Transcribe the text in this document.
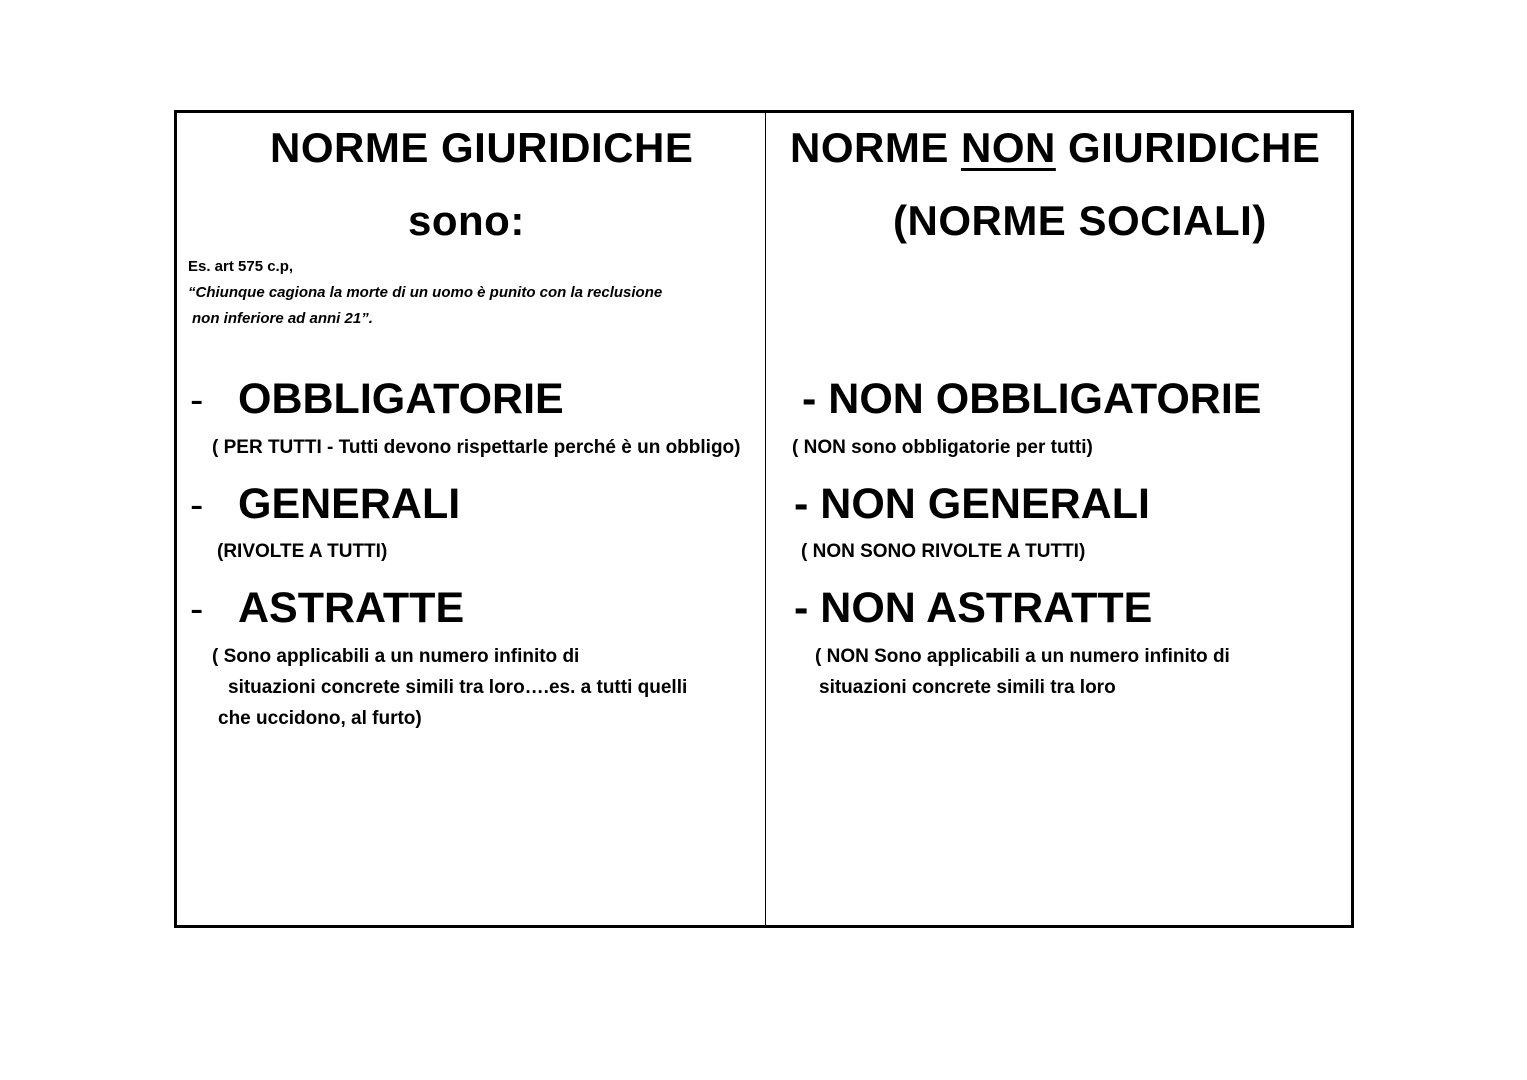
NORME GIURIDICHE
sono:
Es. art 575 c.p,
“Chiunque cagiona la morte di un uomo è punito con la reclusione
non inferiore ad anni 21”.
- OBBLIGATORIE
( PER TUTTI - Tutti devono rispettarle perché è un obbligo)
- GENERALI
(RIVOLTE A TUTTI)
- ASTRATTE
( Sono applicabili a un numero infinito di
situazioni concrete simili tra loro….es. a tutti quelli
che uccidono, al furto)
NORME NON GIURIDICHE
(NORME SOCIALI)
- NON OBBLIGATORIE
( NON sono obbligatorie per tutti)
- NON GENERALI
( NON SONO RIVOLTE A TUTTI)
- NON ASTRATTE
( NON Sono applicabili a un numero infinito di
situazioni concrete simili tra loro
